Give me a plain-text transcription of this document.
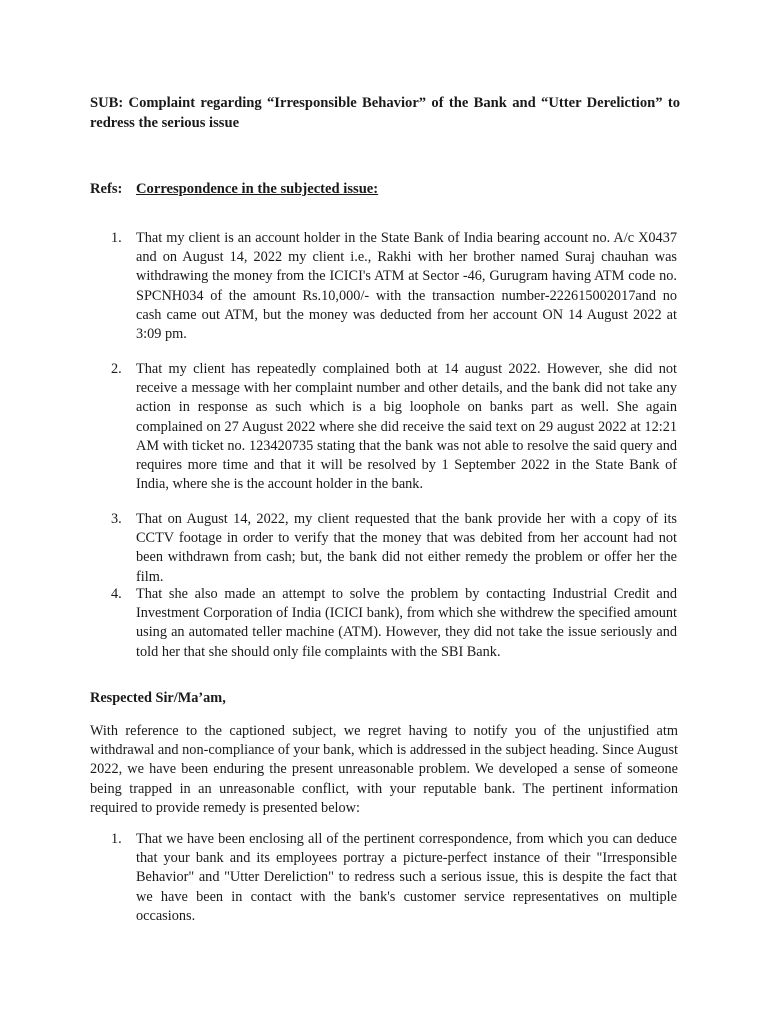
SUB: Complaint regarding “Irresponsible Behavior” of the Bank and “Utter Dereliction” to redress the serious issue
Refs: Correspondence in the subjected issue:
1. That my client is an account holder in the State Bank of India bearing account no. A/c X0437 and on August 14, 2022 my client i.e., Rakhi with her brother named Suraj chauhan was withdrawing the money from the ICICI's ATM at Sector -46, Gurugram having ATM code no. SPCNH034 of the amount Rs.10,000/- with the transaction number-222615002017and no cash came out ATM, but the money was deducted from her account ON 14 August 2022 at 3:09 pm.
2. That my client has repeatedly complained both at 14 august 2022. However, she did not receive a message with her complaint number and other details, and the bank did not take any action in response as such which is a big loophole on banks part as well. She again complained on 27 August 2022 where she did receive the said text on 29 august 2022 at 12:21 AM with ticket no. 123420735 stating that the bank was not able to resolve the said query and requires more time and that it will be resolved by 1 September 2022 in the State Bank of India, where she is the account holder in the bank.
3. That on August 14, 2022, my client requested that the bank provide her with a copy of its CCTV footage in order to verify that the money that was debited from her account had not been withdrawn from cash; but, the bank did not either remedy the problem or offer her the film.
4. That she also made an attempt to solve the problem by contacting Industrial Credit and Investment Corporation of India (ICICI bank), from which she withdrew the specified amount using an automated teller machine (ATM). However, they did not take the issue seriously and told her that she should only file complaints with the SBI Bank.
Respected Sir/Ma’am,
With reference to the captioned subject, we regret having to notify you of the unjustified atm withdrawal and non-compliance of your bank, which is addressed in the subject heading. Since August 2022, we have been enduring the present unreasonable problem. We developed a sense of someone being trapped in an unreasonable conflict, with your reputable bank. The pertinent information required to provide remedy is presented below:
1. That we have been enclosing all of the pertinent correspondence, from which you can deduce that your bank and its employees portray a picture-perfect instance of their "Irresponsible Behavior" and "Utter Dereliction" to redress such a serious issue, this is despite the fact that we have been in contact with the bank's customer service representatives on multiple occasions.
